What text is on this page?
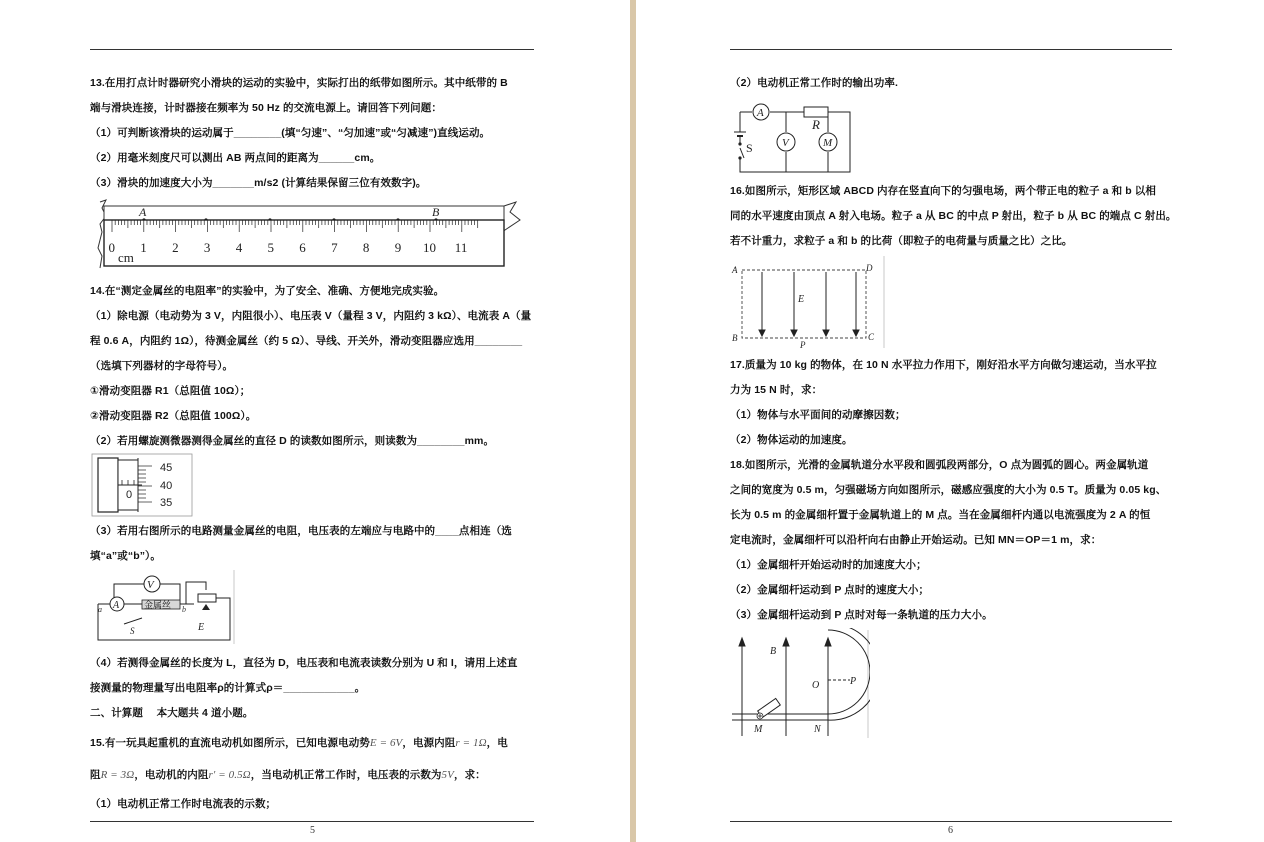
13.在用打点计时器研究小滑块的运动的实验中，实际打出的纸带如图所示。其中纸带的 B
端与滑块连接，计时器接在频率为 50 Hz 的交流电源上。请回答下列问题：
（1）可判断该滑块的运动属于________(填“匀速”、“匀加速”或“匀减速”)直线运动。
（2）用毫米刻度尺可以测出 AB 两点间的距离为______cm。
（3）滑块的加速度大小为_______m/s2 (计算结果保留三位有效数字)。
A	B
0 1 2 3 4 5 6 7 8 9 10 11
cm
14.在“测定金属丝的电阻率”的实验中，为了安全、准确、方便地完成实验。
（1）除电源（电动势为 3 V，内阻很小）、电压表 V（量程 3 V，内阻约 3 kΩ）、电流表 A（量
程 0.6 A，内阻约 1Ω），待测金属丝（约 5 Ω）、导线、开关外，滑动变阻器应选用________
（选填下列器材的字母符号）。
①滑动变阻器 R1（总阻值 10Ω）；
②滑动变阻器 R2（总阻值 100Ω）。
（2）若用螺旋测微器测得金属丝的直径 D 的读数如图所示，则读数为________mm。
45
40
35
0
（3）若用右图所示的电路测量金属丝的电阻，电压表的左端应与电路中的____点相连（选
填“a”或“b”）。
V
A	金属丝
a	b
S	E
（4）若测得金属丝的长度为 L，直径为 D，电压表和电流表读数分别为 U 和 I，请用上述直
接测量的物理量写出电阻率ρ的计算式ρ＝____________。
二、计算题　 本大题共 4 道小题。
15.有一玩具起重机的直流电动机如图所示，已知电源电动势E = 6V，电源内阻r = 1Ω，电
阻R = 3Ω，电动机的内阻r′ = 0.5Ω，当电动机正常工作时，电压表的示数为5V，求：
（1）电动机正常工作时电流表的示数；
5
（2）电动机正常工作时的输出功率.
A
R
V	M
S
16.如图所示，矩形区域 ABCD 内存在竖直向下的匀强电场，两个带正电的粒子 a 和 b 以相
同的水平速度由顶点 A 射入电场。粒子 a 从 BC 的中点 P 射出，粒子 b 从 BC 的端点 C 射出。
若不计重力，求粒子 a 和 b 的比荷（即粒子的电荷量与质量之比）之比。
A	D
E
B	C
P
17.质量为 10 kg 的物体，在 10 N 水平拉力作用下，刚好沿水平方向做匀速运动，当水平拉
力为 15 N 时，求：
（1）物体与水平面间的动摩擦因数；
（2）物体运动的加速度。
18.如图所示，光滑的金属轨道分水平段和圆弧段两部分，O 点为圆弧的圆心。两金属轨道
之间的宽度为 0.5 m，匀强磁场方向如图所示，磁感应强度的大小为 0.5 T。质量为 0.05 kg、
长为 0.5 m 的金属细杆置于金属轨道上的 M 点。当在金属细杆内通以电流强度为 2 A 的恒
定电流时，金属细杆可以沿杆向右由静止开始运动。已知 MN＝OP＝1 m，求：
（1）金属细杆开始运动时的加速度大小；
（2）金属细杆运动到 P 点时的速度大小；
（3）金属细杆运动到 P 点时对每一条轨道的压力大小。
B
O	P
M	N
6
